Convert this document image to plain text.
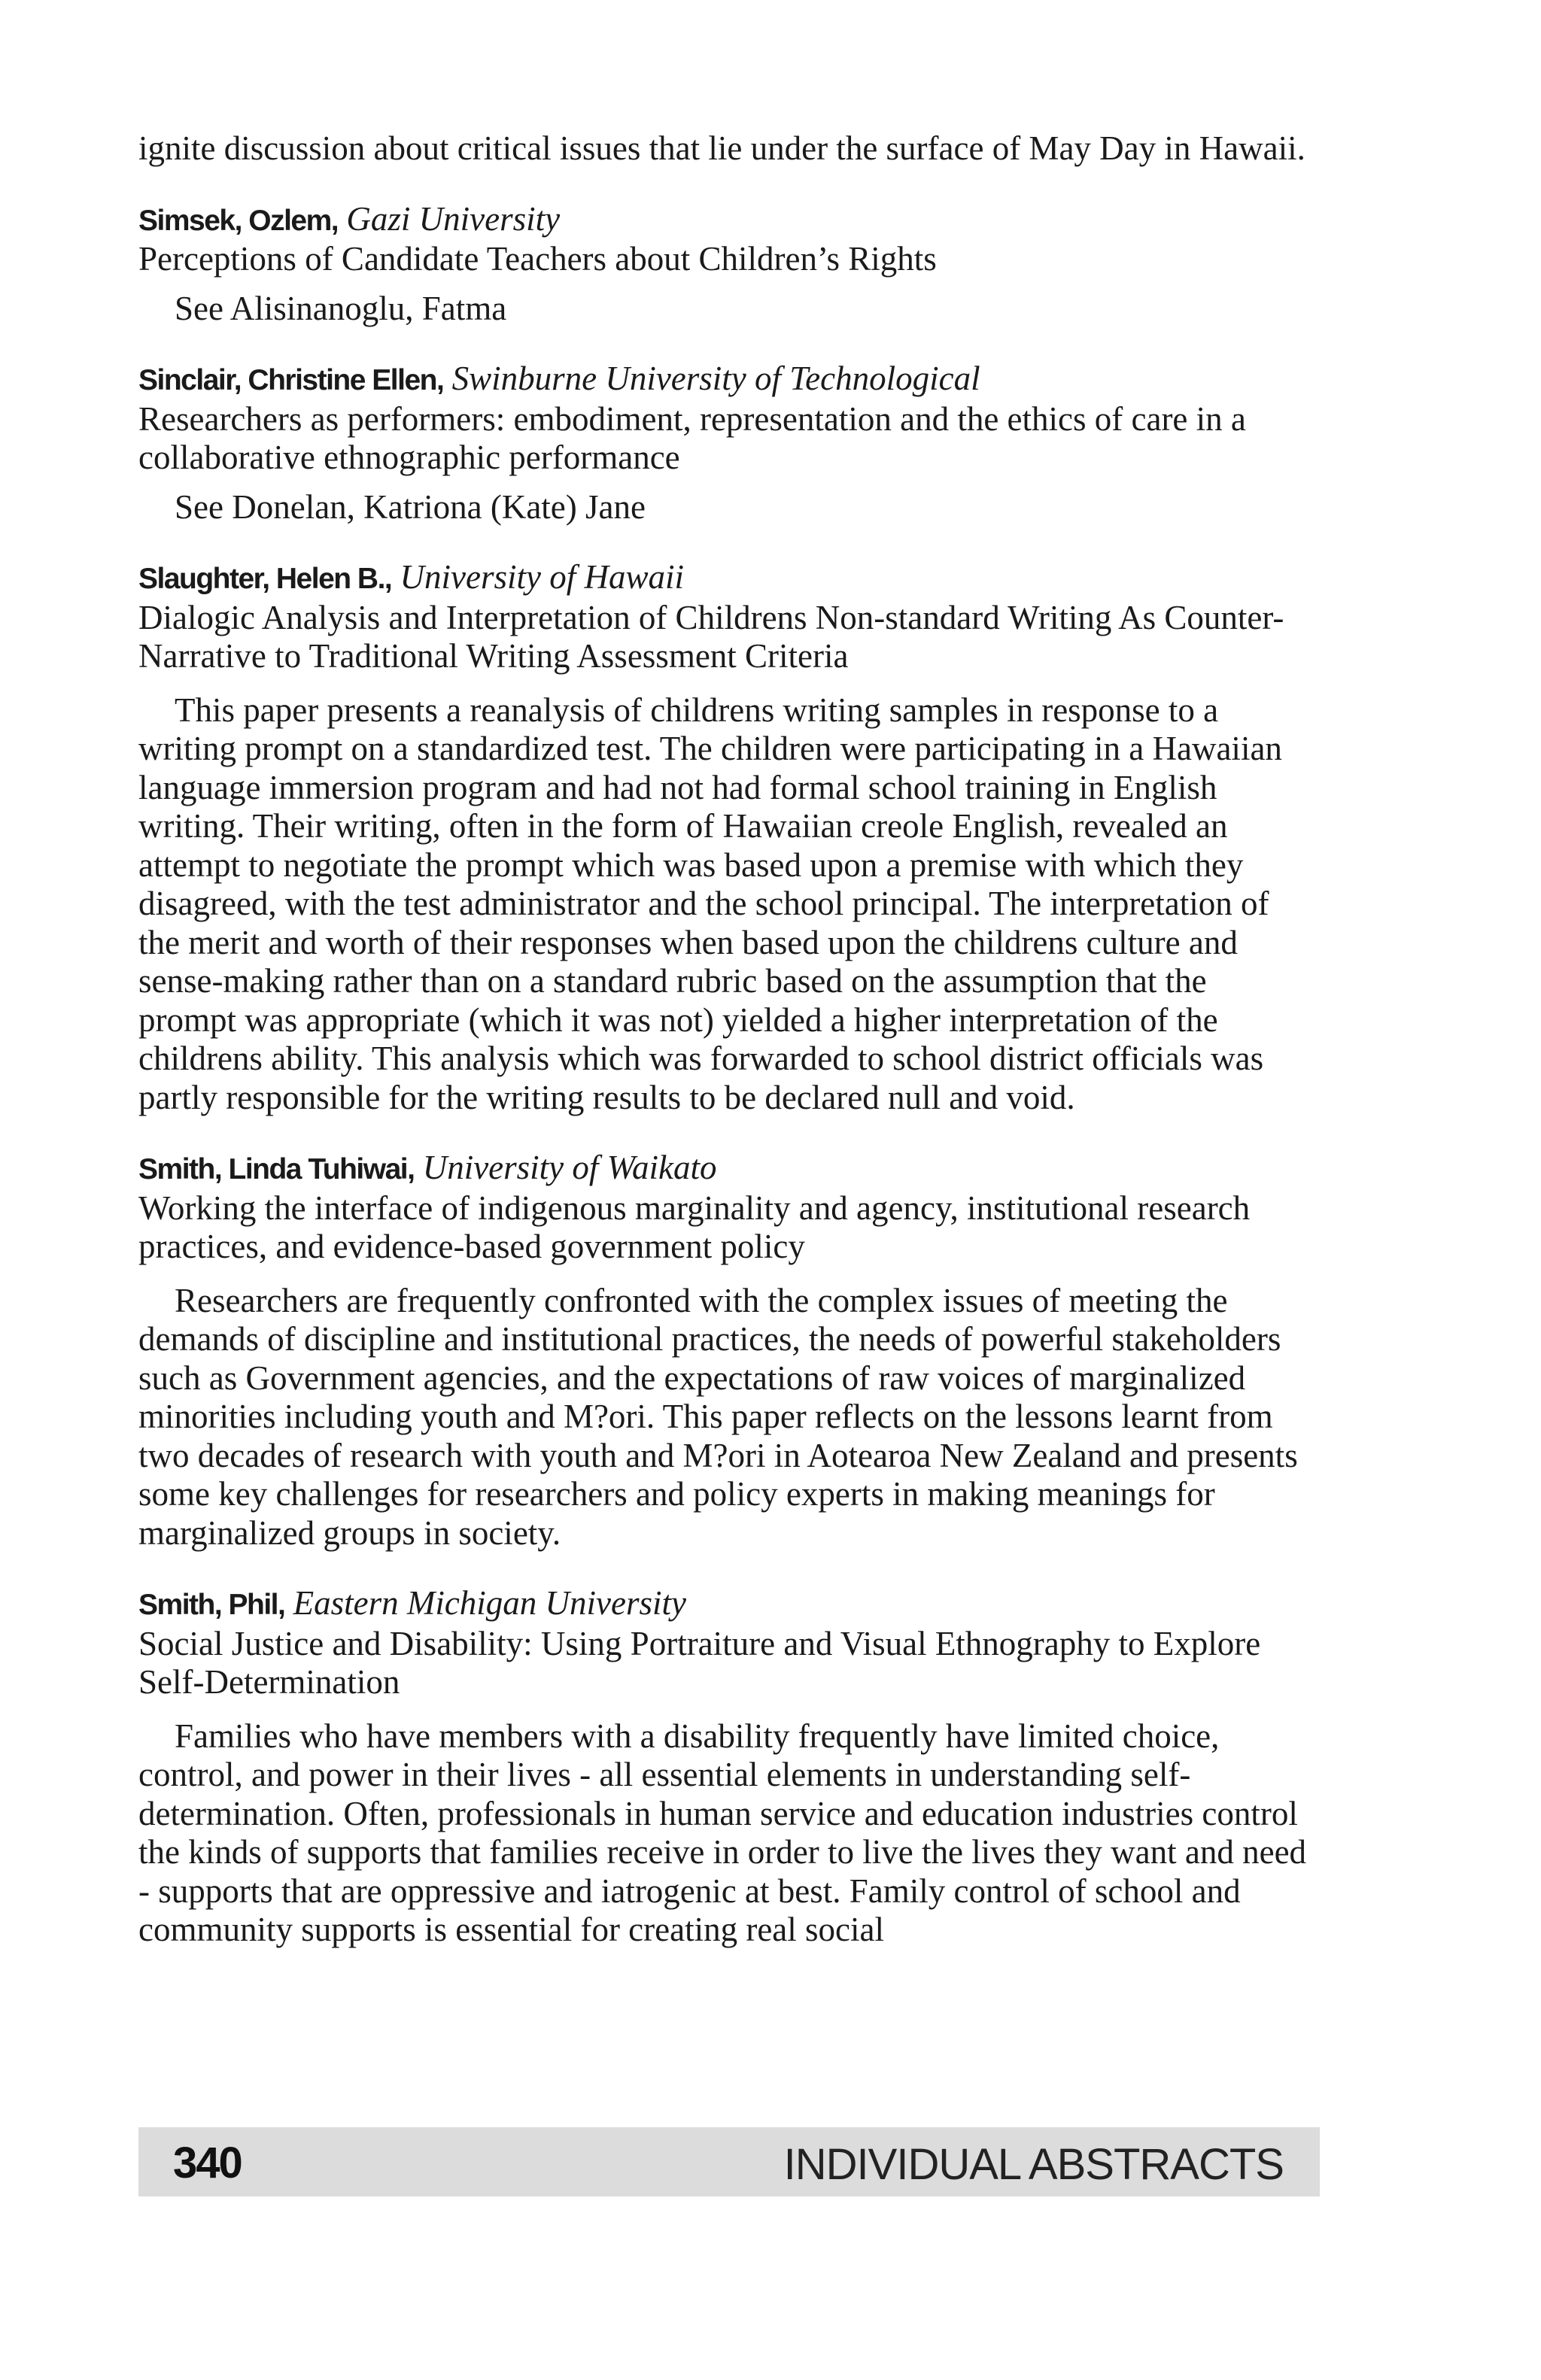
ignite discussion about critical issues that lie under the surface of May Day in Hawaii.

Simsek, Ozlem, Gazi University

Perceptions of Candidate Teachers about Children’s Rights

See Alisinanoglu, Fatma

Sinclair, Christine Ellen, Swinburne University of Technological

Researchers as performers: embodiment, representation and the ethics of care in a collaborative ethnographic performance

See Donelan, Katriona (Kate) Jane

Slaughter, Helen B., University of Hawaii

Dialogic Analysis and Interpretation of Childrens Non-standard Writing As Counter-Narrative to Traditional Writing Assessment Criteria

This paper presents a reanalysis of childrens writing samples in response to a writing prompt on a standardized test. The children were participating in a Hawaiian language immersion program and had not had formal school training in English writing. Their writing, often in the form of Hawaiian creole English, revealed an attempt to negotiate the prompt which was based upon a premise with which they disagreed, with the test administrator and the school principal. The interpretation of the merit and worth of their responses when based upon the childrens culture and sense-making rather than on a standard rubric based on the assumption that the prompt was appropriate (which it was not) yielded a higher interpretation of the childrens ability. This analysis which was forwarded to school district officials was partly responsible for the writing results to be declared null and void.

Smith, Linda Tuhiwai, University of Waikato

Working the interface of indigenous marginality and agency, institutional research practices, and evidence-based government policy

Researchers are frequently confronted with the complex issues of meeting the demands of discipline and institutional practices, the needs of powerful stakeholders such as Government agencies, and the expectations of raw voices of marginalized minorities including youth and M?ori. This paper reflects on the lessons learnt from two decades of research with youth and M?ori in Aotearoa New Zealand and presents some key challenges for researchers and policy experts in making meanings for marginalized groups in society.

Smith, Phil, Eastern Michigan University

Social Justice and Disability: Using Portraiture and Visual Ethnography to Explore Self-Determination

Families who have members with a disability frequently have limited choice, control, and power in their lives - all essential elements in understanding self-determination. Often, professionals in human service and education industries control the kinds of supports that families receive in order to live the lives they want and need - supports that are oppressive and iatrogenic at best. Family control of school and community supports is essential for creating real social

340	INDIVIDUAL ABSTRACTS
